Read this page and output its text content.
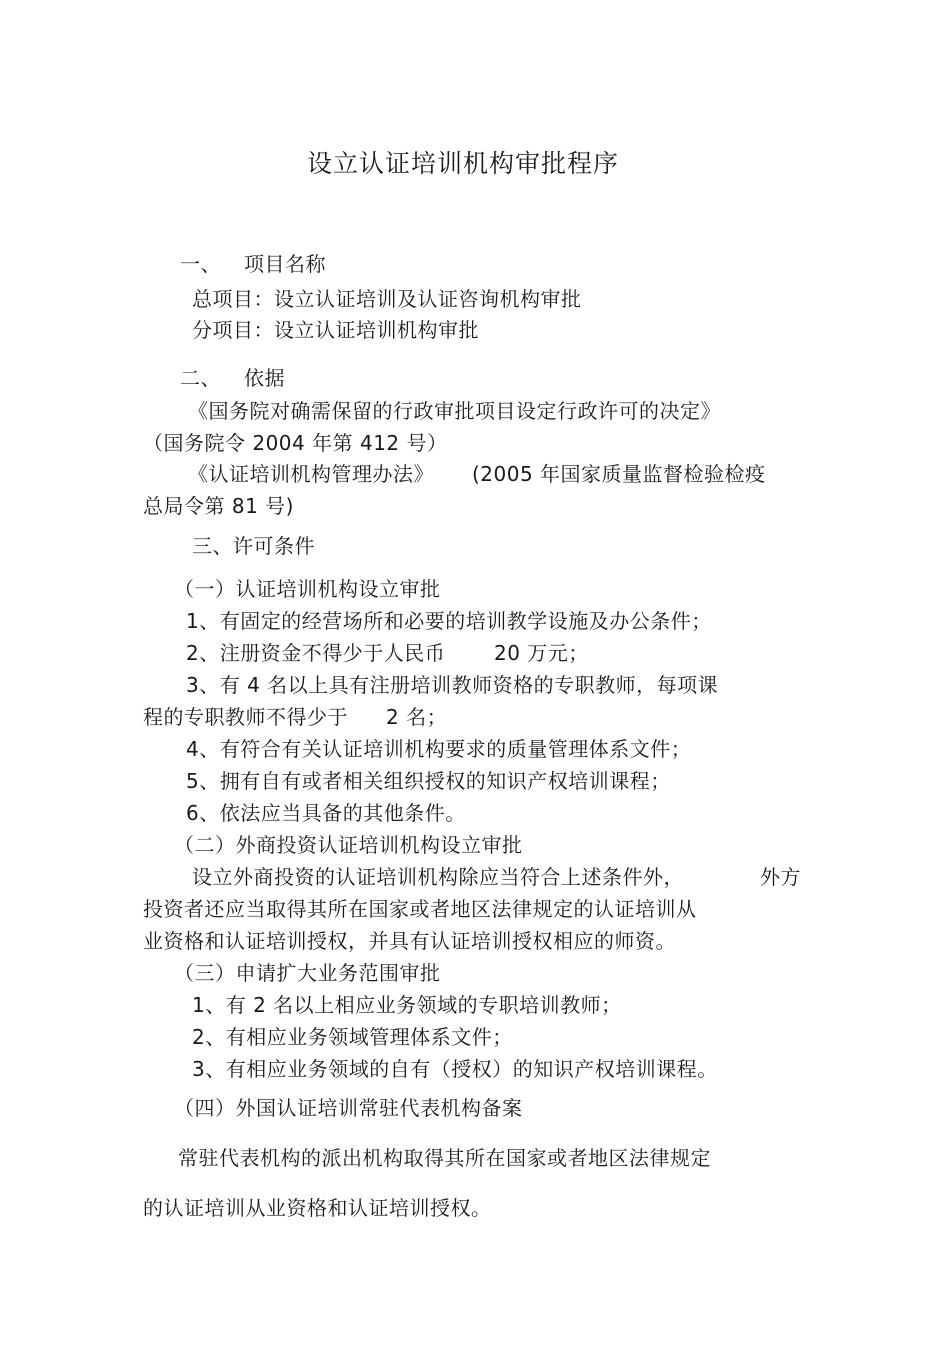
设立认证培训机构审批程序
一、 项目名称
总项目：设立认证培训及认证咨询机构审批
分项目：设立认证培训机构审批
二、 依据
《国务院对确需保留的行政审批项目设定行政许可的决定》
（国务院令 2004 年第 412 号）
《认证培训机构管理办法》 (2005 年国家质量监督检验检疫
总局令第 81 号)
三、许可条件
（一）认证培训机构设立审批
1、有固定的经营场所和必要的培训教学设施及办公条件；
2、注册资金不得少于人民币 20 万元；
3、有 4 名以上具有注册培训教师资格的专职教师，每项课
程的专职教师不得少于 2 名；
4、有符合有关认证培训机构要求的质量管理体系文件；
5、拥有自有或者相关组织授权的知识产权培训课程；
6、依法应当具备的其他条件。
（二）外商投资认证培训机构设立审批
设立外商投资的认证培训机构除应当符合上述条件外，	外方
投资者还应当取得其所在国家或者地区法律规定的认证培训从
业资格和认证培训授权，并具有认证培训授权相应的师资。
（三）申请扩大业务范围审批
1、有 2 名以上相应业务领域的专职培训教师；
2、有相应业务领域管理体系文件；
3、有相应业务领域的自有（授权）的知识产权培训课程。
（四）外国认证培训常驻代表机构备案
常驻代表机构的派出机构取得其所在国家或者地区法律规定
的认证培训从业资格和认证培训授权。
